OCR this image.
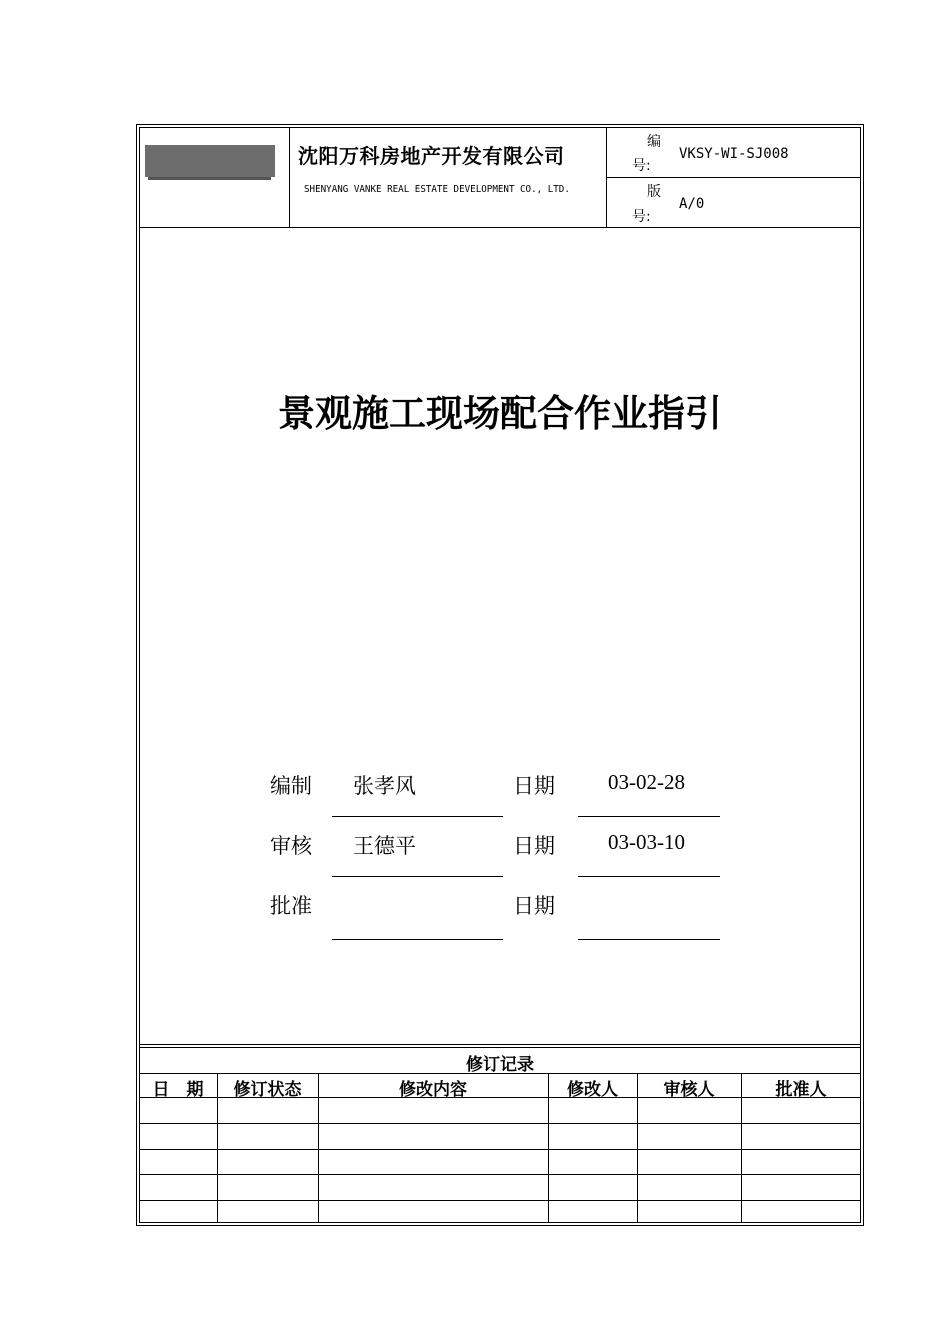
沈阳万科房地产开发有限公司
SHENYANG VANKE REAL ESTATE DEVELOPMENT CO., LTD.
编
号:
VKSY-WI-SJ008
版
号:
A/0
景观施工现场配合作业指引
编制 张孝风	日期	03-02-28
审核 王德平	日期	03-03-10
批准	日期
修订记录
日　期	修订状态	修改内容	修改人	审核人	批准人
